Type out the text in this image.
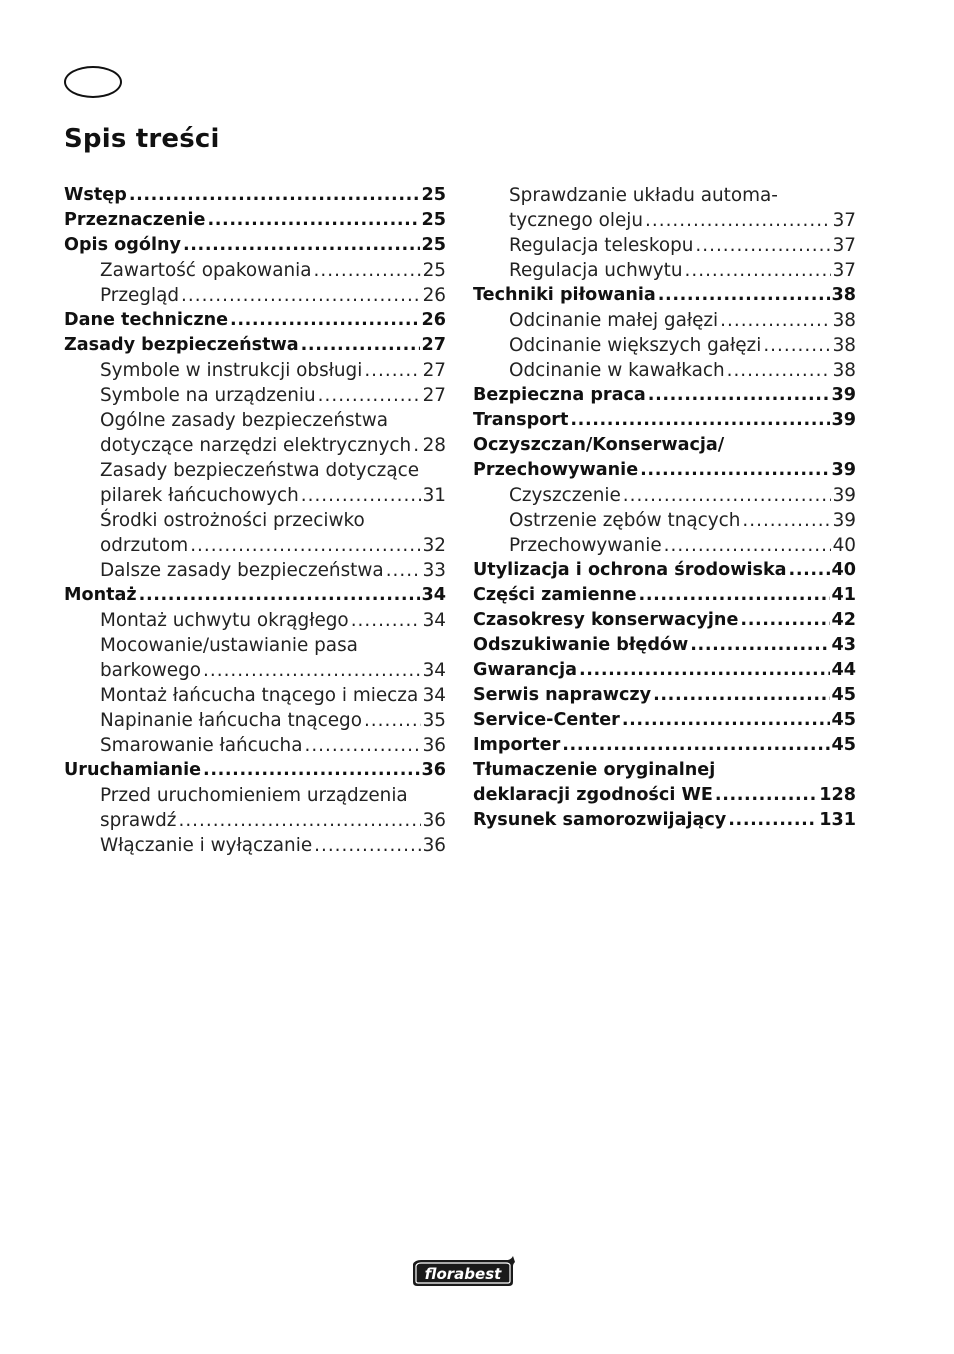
Spis treści
Wstęp .....	25
Przeznaczenie .....	25
Opis ogólny .....	25
Zawartość opakowania .....	25
Przegląd .....	26
Dane techniczne .....	26
Zasady bezpieczeństwa .....	27
Symbole w instrukcji obsługi .....	27
Symbole na urządzeniu .....	27
Ogólne zasady bezpieczeństwa
dotyczące narzędzi elektrycznych ..... 28
Zasady bezpieczeństwa dotyczące
pilarek łańcuchowych .....	31
Środki ostrożności przeciwko
odrzutom .....	32
Dalsze zasady bezpieczeństwa ..... 33
Montaż .....	34
Montaż uchwytu okrągłego .....	34
Mocowanie/ustawianie pasa
barkowego .....	34
Montaż łańcucha tnącego i miecza ..... 34
Napinanie łańcucha tnącego .....	35
Smarowanie łańcucha .....	36
Uruchamianie .....	36
Przed uruchomieniem urządzenia
sprawdź .....	36
Włączanie i wyłączanie .....	36
Sprawdzanie układu automa-
tycznego oleju .....	37
Regulacja teleskopu .....	37
Regulacja uchwytu .....	37
Techniki piłowania .....	38
Odcinanie małej gałęzi .....	38
Odcinanie większych gałęzi .....	38
Odcinanie w kawałkach .....	38
Bezpieczna praca .....	39
Transport .....	39
Oczyszczan/Konserwacja/
Przechowywanie .....	39
Czyszczenie .....	39
Ostrzenie zębów tnących .....	39
Przechowywanie .....	40
Utylizacja i ochrona środowiska .....	40
Części zamienne .....	41
Czasokresy konserwacyjne .....	42
Odszukiwanie błędów .....	43
Gwarancja .....	44
Serwis naprawczy .....	45
Service-Center .....	45
Importer .....	45
Tłumaczenie oryginalnej
deklaracji zgodności WE .....	128
Rysunek samorozwijający .....	131
florabest
